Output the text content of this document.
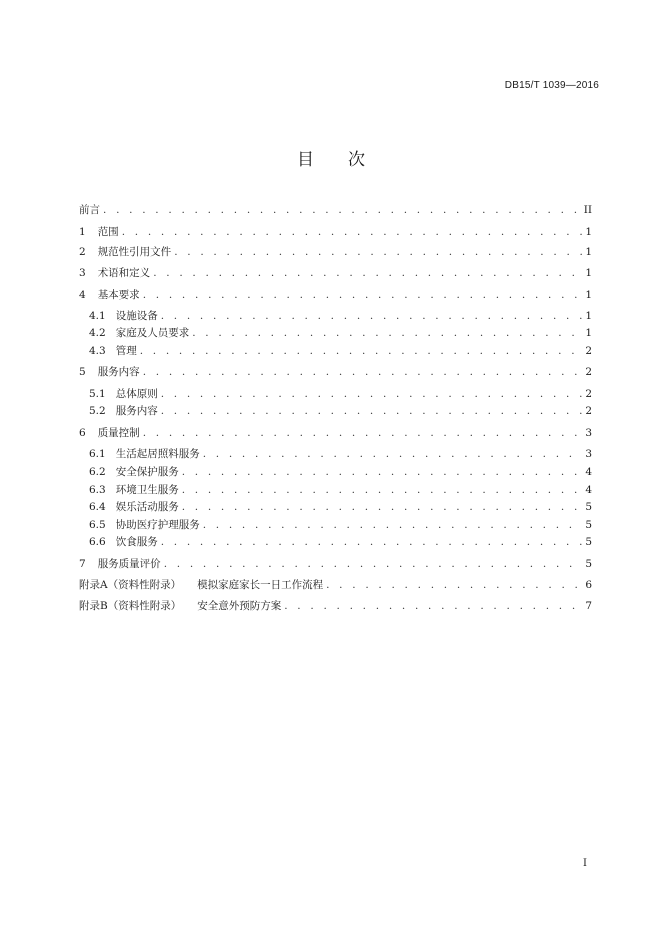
DB15/T 1039—2016
目 次
前言 . . .	II
1 范围 . . .	1
2 规范性引用文件 . . .	1
3 术语和定义 . . .	1
4 基本要求 . . .	1
4.1 设施设备 . . .	1
4.2 家庭及人员要求 . . .	1
4.3 管理 . . .	2
5 服务内容 . . .	2
5.1 总体原则 . . .	2
5.2 服务内容 . . .	2
6 质量控制 . . .	3
6.1 生活起居照料服务 . . .	3
6.2 安全保护服务 . . .	4
6.3 环境卫生服务 . . .	4
6.4 娱乐活动服务 . . .	5
6.5 协助医疗护理服务 . . .	5
6.6 饮食服务 . . .	5
7 服务质量评价 . . .	5
附录A（资料性附录） 模拟家庭家长一日工作流程 . . .	6
附录B（资料性附录） 安全意外预防方案 . . .	7
I
